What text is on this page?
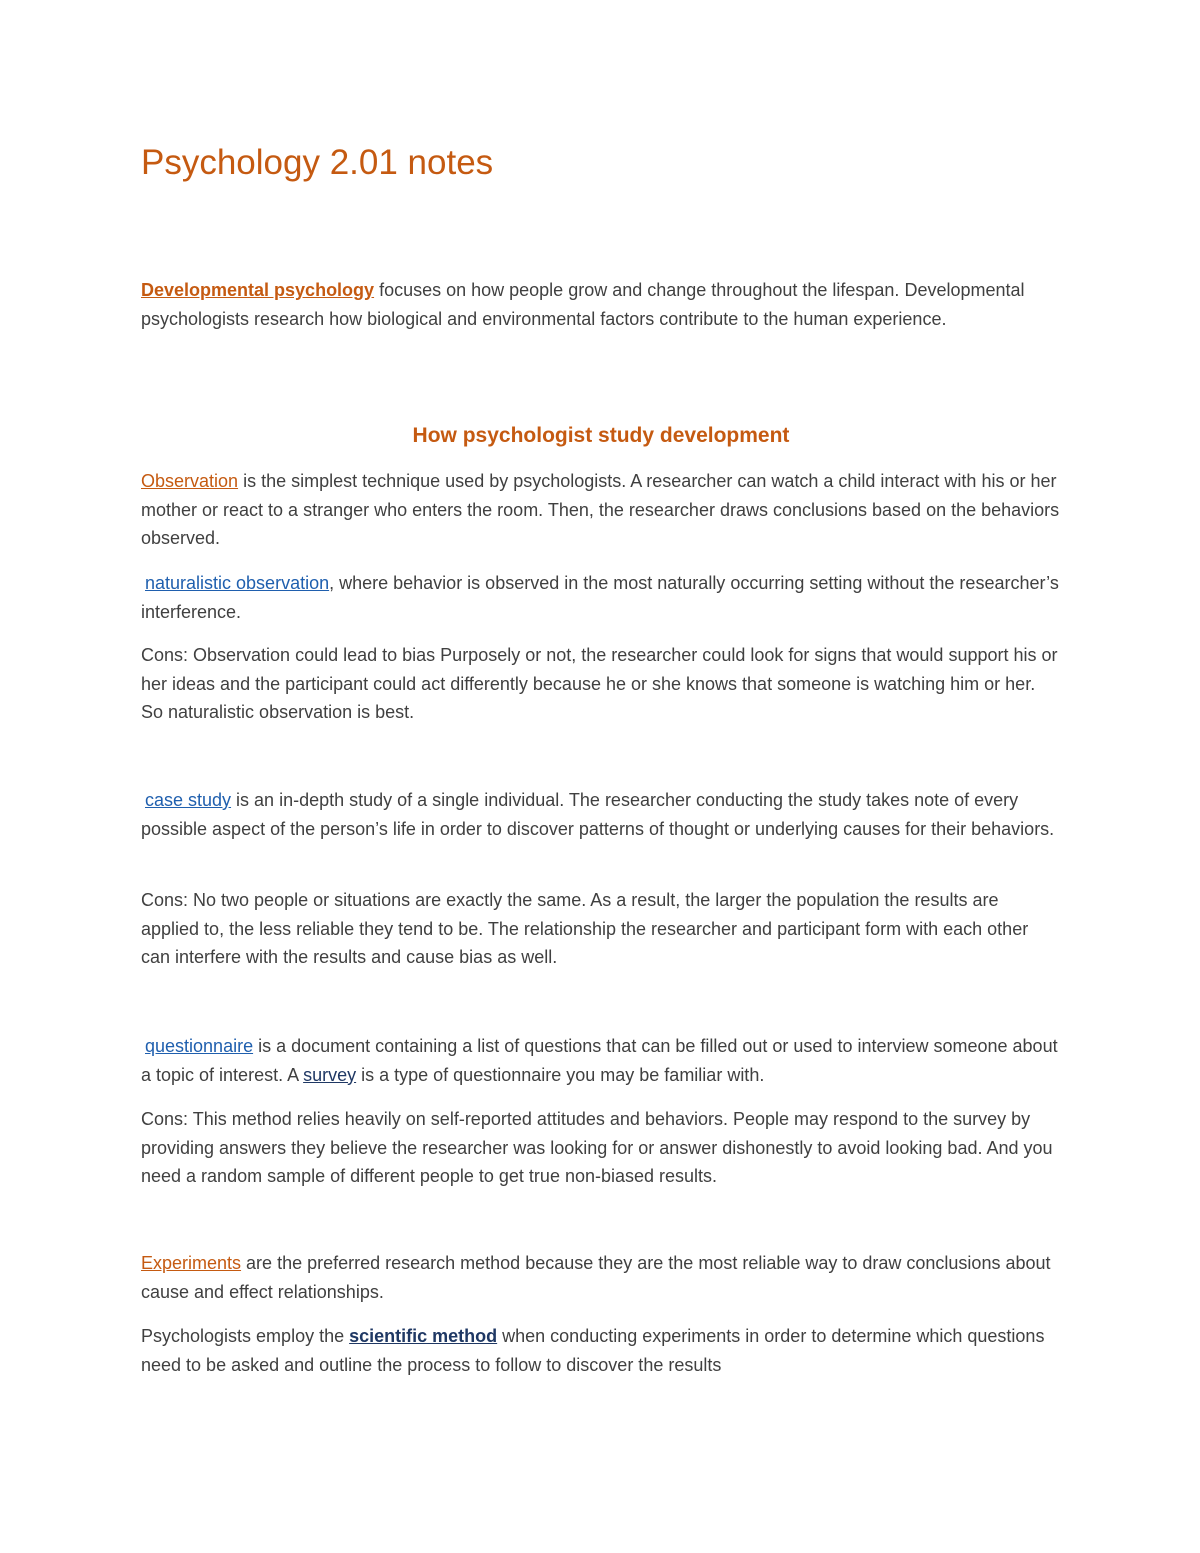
Psychology 2.01 notes

Developmental psychology focuses on how people grow and change throughout the lifespan. Developmental psychologists research how biological and environmental factors contribute to the human experience.

How psychologist study development

Observation is the simplest technique used by psychologists. A researcher can watch a child interact with his or her mother or react to a stranger who enters the room. Then, the researcher draws conclusions based on the behaviors observed.

naturalistic observation, where behavior is observed in the most naturally occurring setting without the researcher’s interference.

Cons: Observation could lead to bias Purposely or not, the researcher could look for signs that would support his or her ideas and the participant could act differently because he or she knows that someone is watching him or her. So naturalistic observation is best.

case study is an in-depth study of a single individual. The researcher conducting the study takes note of every possible aspect of the person’s life in order to discover patterns of thought or underlying causes for their behaviors.

Cons: No two people or situations are exactly the same. As a result, the larger the population the results are applied to, the less reliable they tend to be. The relationship the researcher and participant form with each other can interfere with the results and cause bias as well.

questionnaire is a document containing a list of questions that can be filled out or used to interview someone about a topic of interest. A survey is a type of questionnaire you may be familiar with.

Cons: This method relies heavily on self-reported attitudes and behaviors. People may respond to the survey by providing answers they believe the researcher was looking for or answer dishonestly to avoid looking bad. And you need a random sample of different people to get true non-biased results.

Experiments are the preferred research method because they are the most reliable way to draw conclusions about cause and effect relationships.

Psychologists employ the scientific method when conducting experiments in order to determine which questions need to be asked and outline the process to follow to discover the results
